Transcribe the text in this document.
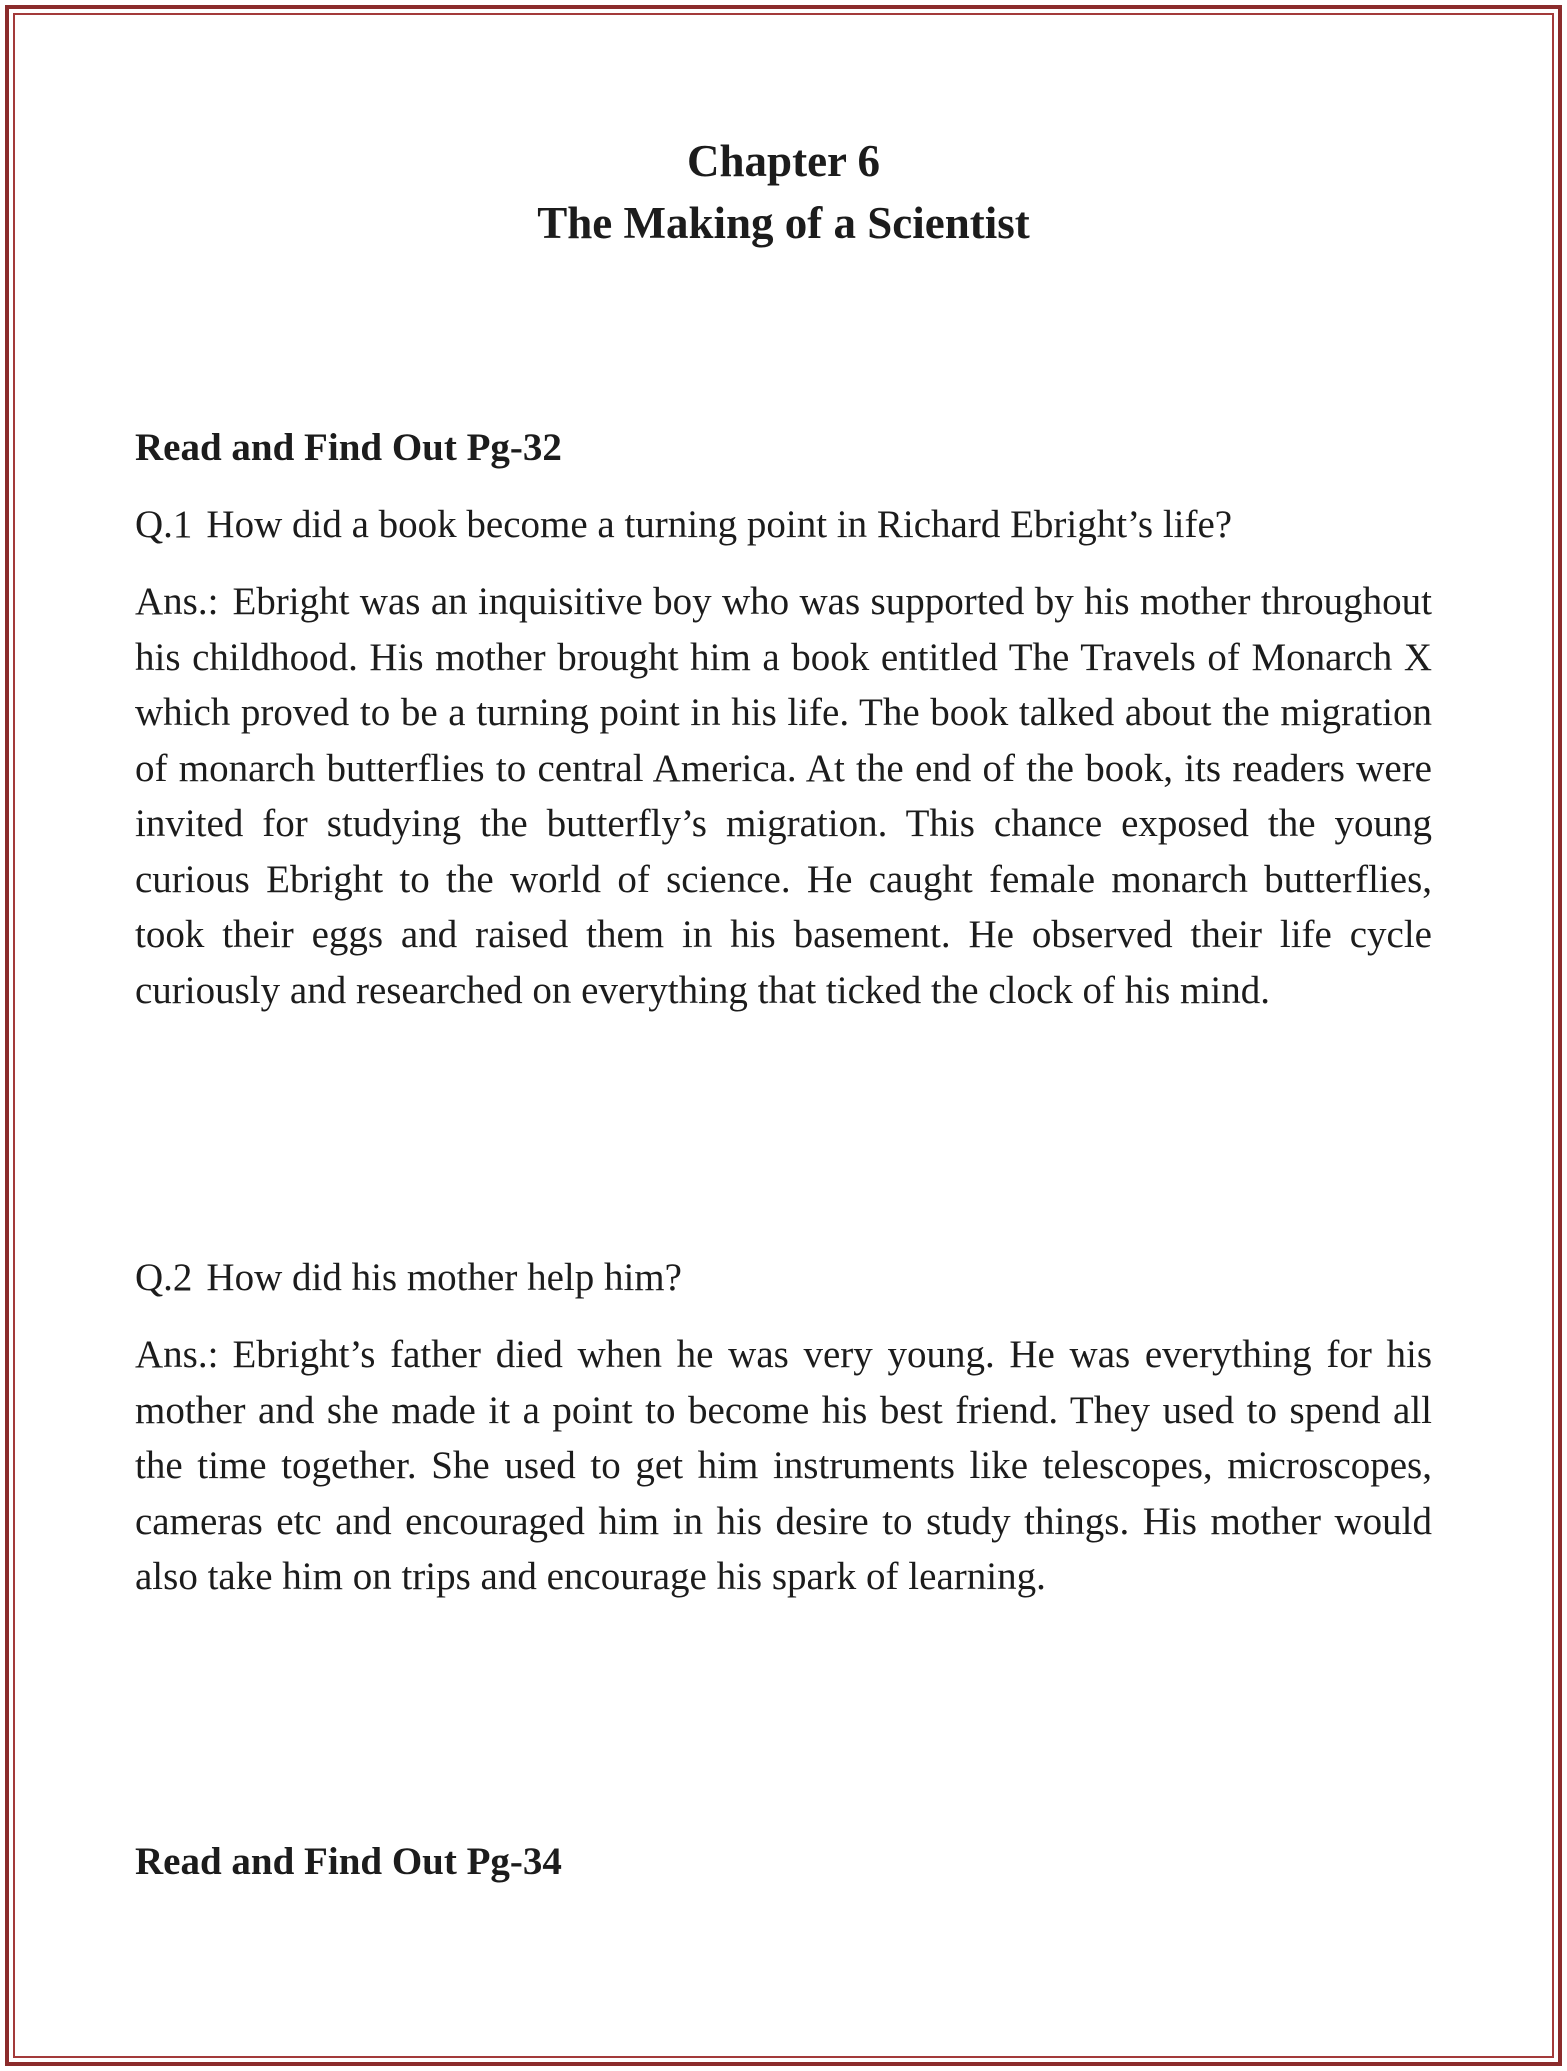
Chapter 6
The Making of a Scientist

Read and Find Out Pg-32

Q.1 How did a book become a turning point in Richard Ebright’s life?

Ans.: Ebright was an inquisitive boy who was supported by his mother throughout his childhood. His mother brought him a book entitled The Travels of Monarch X which proved to be a turning point in his life. The book talked about the migration of monarch butterflies to central America. At the end of the book, its readers were invited for studying the butterfly’s migration. This chance exposed the young curious Ebright to the world of science. He caught female monarch butterflies, took their eggs and raised them in his basement. He observed their life cycle curiously and researched on everything that ticked the clock of his mind.

Q.2 How did his mother help him?

Ans.: Ebright’s father died when he was very young. He was everything for his mother and she made it a point to become his best friend. They used to spend all the time together. She used to get him instruments like telescopes, microscopes, cameras etc and encouraged him in his desire to study things. His mother would also take him on trips and encourage his spark of learning.

Read and Find Out Pg-34
